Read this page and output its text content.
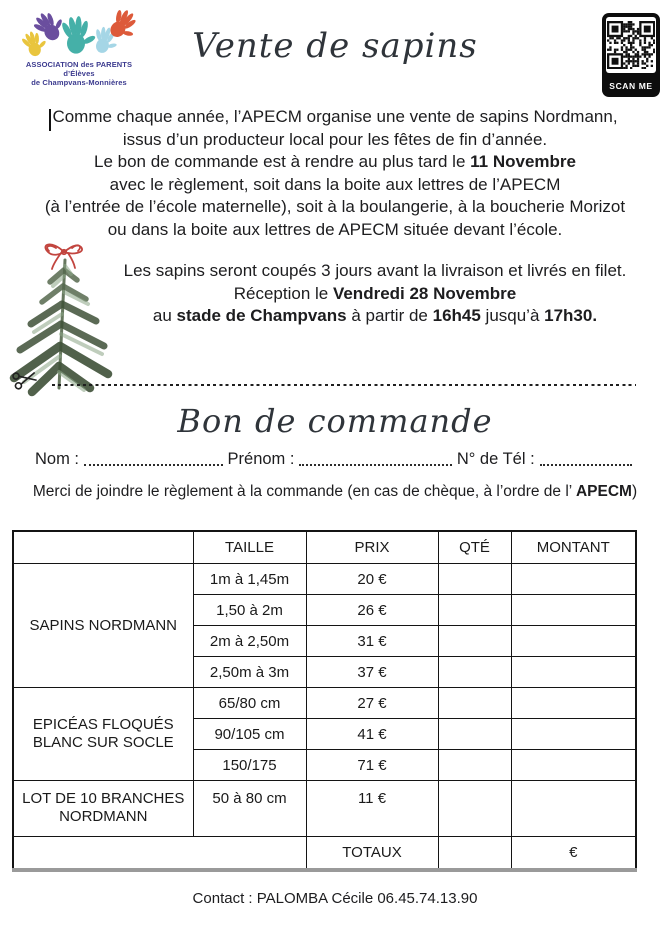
ASSOCIATION des PARENTS d’Élèves
de Champvans-Monnières
Vente de sapins
SCAN ME
Comme chaque année, l’APECM organise une vente de sapins Nordmann,
issus d’un producteur local pour les fêtes de fin d’année.
Le bon de commande est à rendre au plus tard le 11 Novembre
avec le règlement, soit dans la boite aux lettres de l’APECM
(à l’entrée de l’école maternelle), soit à la boulangerie, à la boucherie Morizot
ou dans la boite aux lettres de APECM située devant l’école.
Les sapins seront coupés 3 jours avant la livraison et livrés en filet.
Réception le Vendredi 28 Novembre
au stade de Champvans à partir de 16h45 jusqu’à 17h30.
Bon de commande
Nom :	Prénom :	N° de Tél :
Merci de joindre le règlement à la commande (en cas de chèque, à l’ordre de l’ APECM)
	TAILLE	PRIX	QTÉ	MONTANT
SAPINS NORDMANN	1m à 1,45m	20 €		
	1,50 à 2m	26 €		
	2m à 2,50m	31 €		
	2,50m à 3m	37 €		
EPICÉAS FLOQUÉS BLANC SUR SOCLE	65/80 cm	27 €		
	90/105 cm	41 €		
	150/175	71 €		
LOT DE 10 BRANCHES NORDMANN	50 à 80 cm	11 €		
		TOTAUX		€
Contact : PALOMBA Cécile 06.45.74.13.90
